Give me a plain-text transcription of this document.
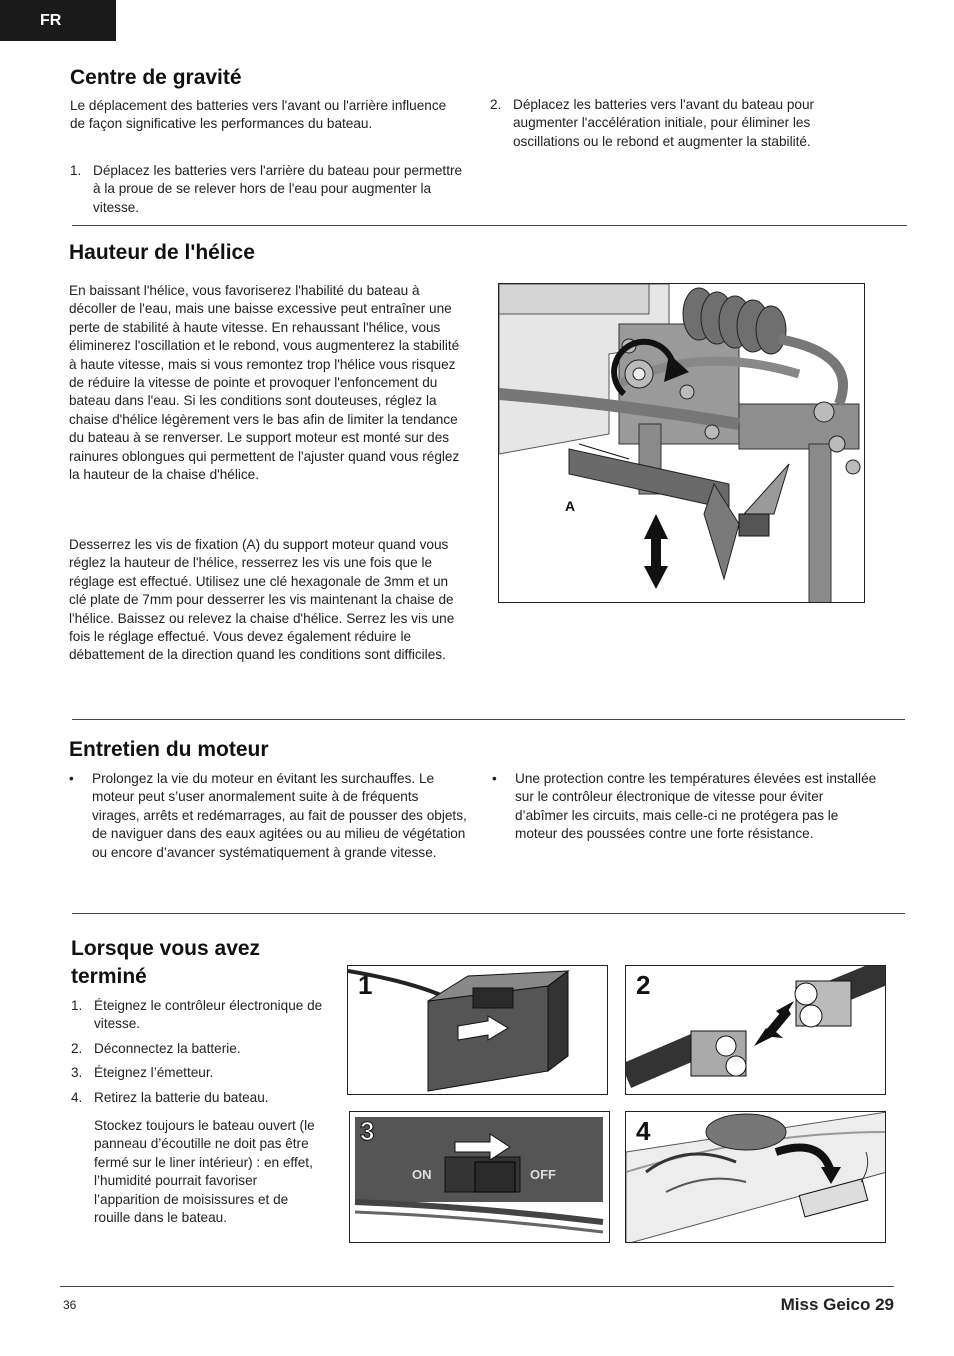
FR
Centre de gravité

Le déplacement des batteries vers l'avant ou l'arrière influence de façon significative les performances du bateau.

1. Déplacez les batteries vers l'arrière du bateau pour permettre à la proue de se relever hors de l'eau pour augmenter la vitesse.
2. Déplacez les batteries vers l'avant du bateau pour augmenter l'accélération initiale, pour éliminer les oscillations ou le rebond et augmenter la stabilité.
Hauteur de l'hélice

En baissant l'hélice, vous favoriserez l'habilité du bateau à décoller de l'eau, mais une baisse excessive peut entraîner une perte de stabilité à haute vitesse. En rehaussant l'hélice, vous éliminerez l'oscillation et le rebond, vous augmenterez la stabilité à haute vitesse, mais si vous remontez trop l'hélice vous risquez de réduire la vitesse de pointe et provoquer l'enfoncement du bateau dans l'eau. Si les conditions sont douteuses, réglez la chaise d'hélice légèrement vers le bas afin de limiter la tendance du bateau à se renverser. Le support moteur est monté sur des rainures oblongues qui permettent de l'ajuster quand vous réglez la hauteur de la chaise d'hélice.

Desserrez les vis de fixation (A) du support moteur quand vous réglez la hauteur de l'hélice, resserrez les vis une fois que le réglage est effectué. Utilisez une clé hexagonale de 3mm et un clé plate de 7mm pour desserrer les vis maintenant la chaise de l'hélice. Baissez ou relevez la chaise d'hélice. Serrez les vis une fois le réglage effectué. Vous devez également réduire le débattement de la direction quand les conditions sont difficiles.

A
Entretien du moteur
• Prolongez la vie du moteur en évitant les surchauffes. Le moteur peut s’user anormalement suite à de fréquents virages, arrêts et redémarrages, au fait de pousser des objets, de naviguer dans des eaux agitées ou au milieu de végétation ou encore d’avancer systématiquement à grande vitesse.
• Une protection contre les températures élevées est installée sur le contrôleur électronique de vitesse pour éviter d’abîmer les circuits, mais celle-ci ne protégera pas le moteur des poussées contre une forte résistance.
Lorsque vous avez
terminé
1. Éteignez le contrôleur électronique de vitesse.
2. Déconnectez la batterie.
3. Éteignez l’émetteur.
4. Retirez la batterie du bateau.

Stockez toujours le bateau ouvert (le panneau d’écoutille ne doit pas être fermé sur le liner intérieur) : en effet, l’humidité pourrait favoriser l’apparition de moisissures et de rouille dans le bateau.

1	2
3
ON	OFF
4
36	Miss Geico 29
